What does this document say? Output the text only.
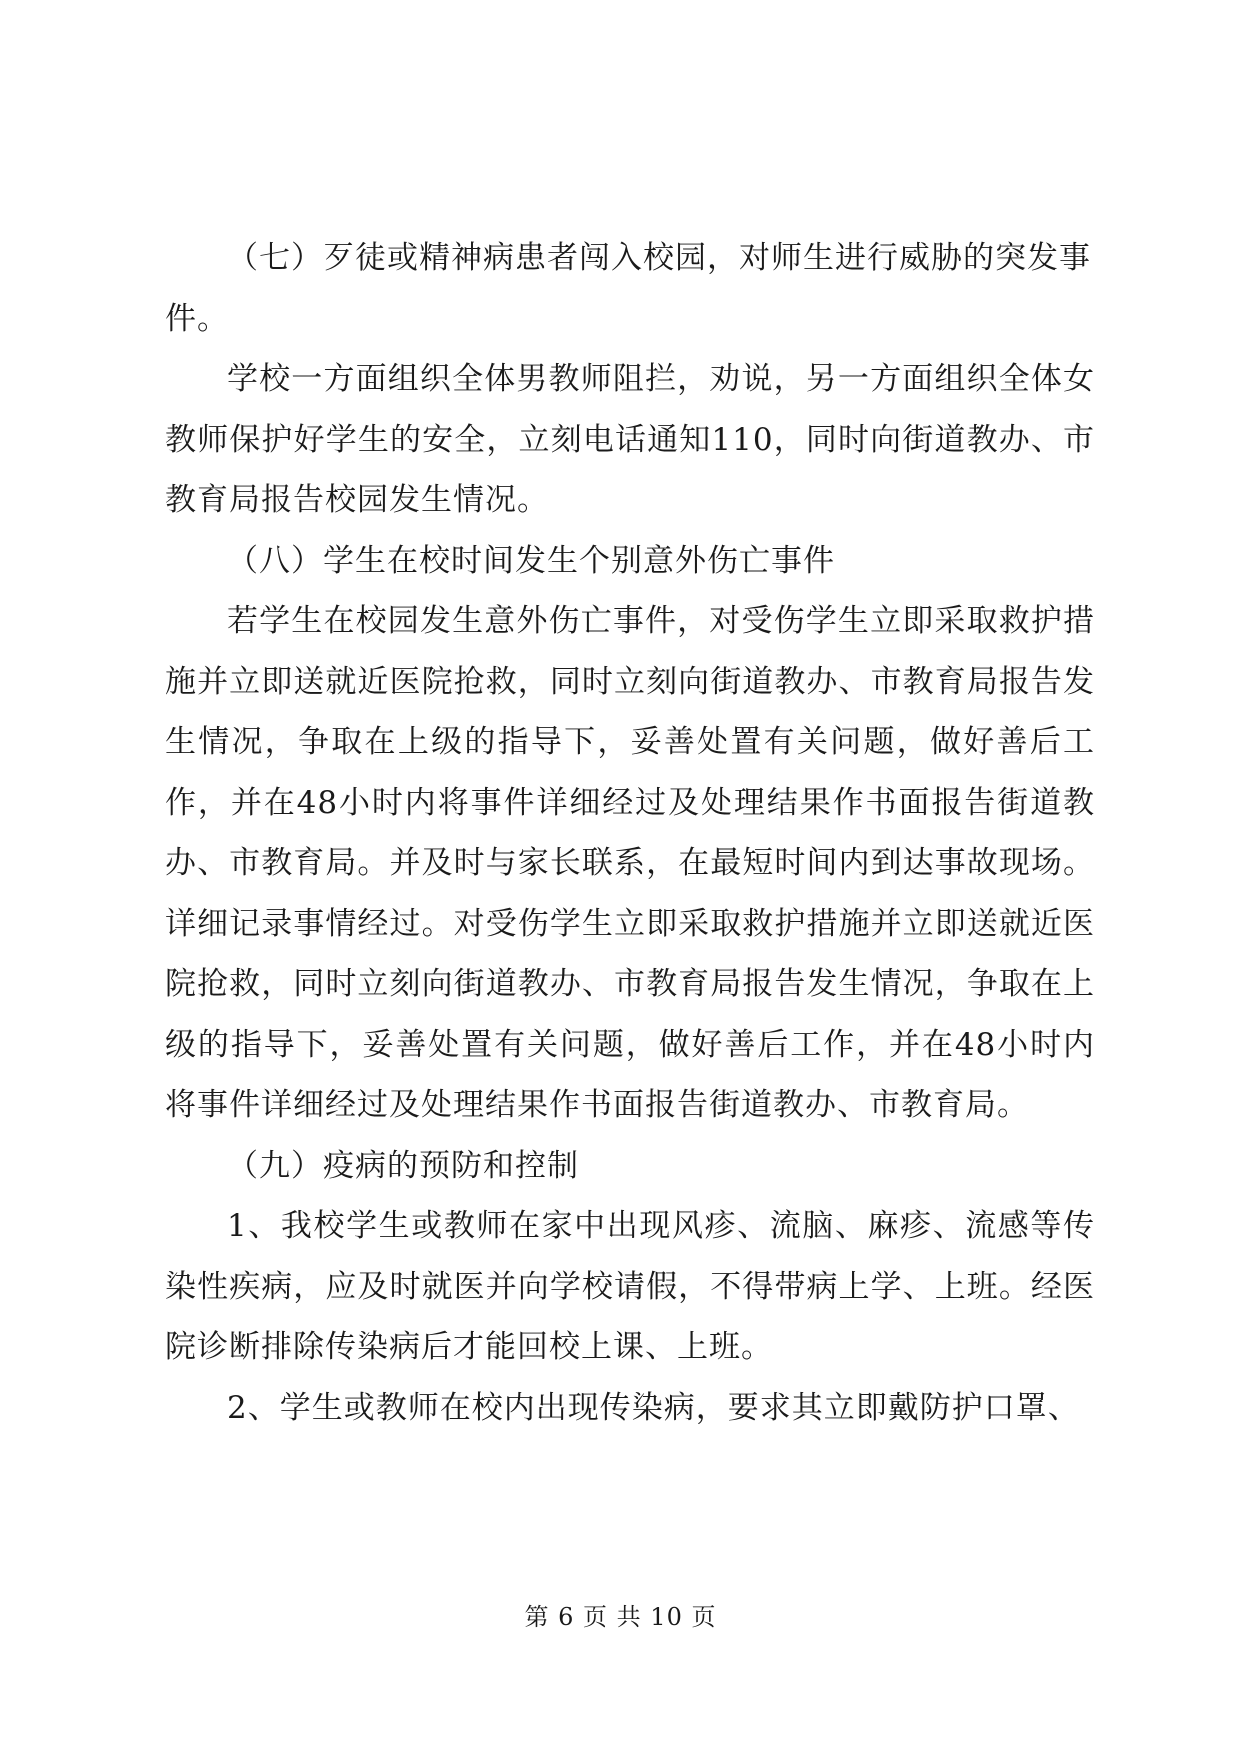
（七）歹徒或精神病患者闯入校园，对师生进行威胁的突发事件。

学校一方面组织全体男教师阻拦，劝说，另一方面组织全体女教师保护好学生的安全，立刻电话通知110，同时向街道教办、市教育局报告校园发生情况。

（八）学生在校时间发生个别意外伤亡事件

若学生在校园发生意外伤亡事件，对受伤学生立即采取救护措施并立即送就近医院抢救，同时立刻向街道教办、市教育局报告发生情况，争取在上级的指导下，妥善处置有关问题，做好善后工作，并在48小时内将事件详细经过及处理结果作书面报告街道教办、市教育局。并及时与家长联系，在最短时间内到达事故现场。详细记录事情经过。对受伤学生立即采取救护措施并立即送就近医院抢救，同时立刻向街道教办、市教育局报告发生情况，争取在上级的指导下，妥善处置有关问题，做好善后工作，并在48小时内将事件详细经过及处理结果作书面报告街道教办、市教育局。

（九）疫病的预防和控制

1、我校学生或教师在家中出现风疹、流脑、麻疹、流感等传染性疾病，应及时就医并向学校请假，不得带病上学、上班。经医院诊断排除传染病后才能回校上课、上班。

2、学生或教师在校内出现传染病，要求其立即戴防护口罩、

第 6 页 共 10 页
